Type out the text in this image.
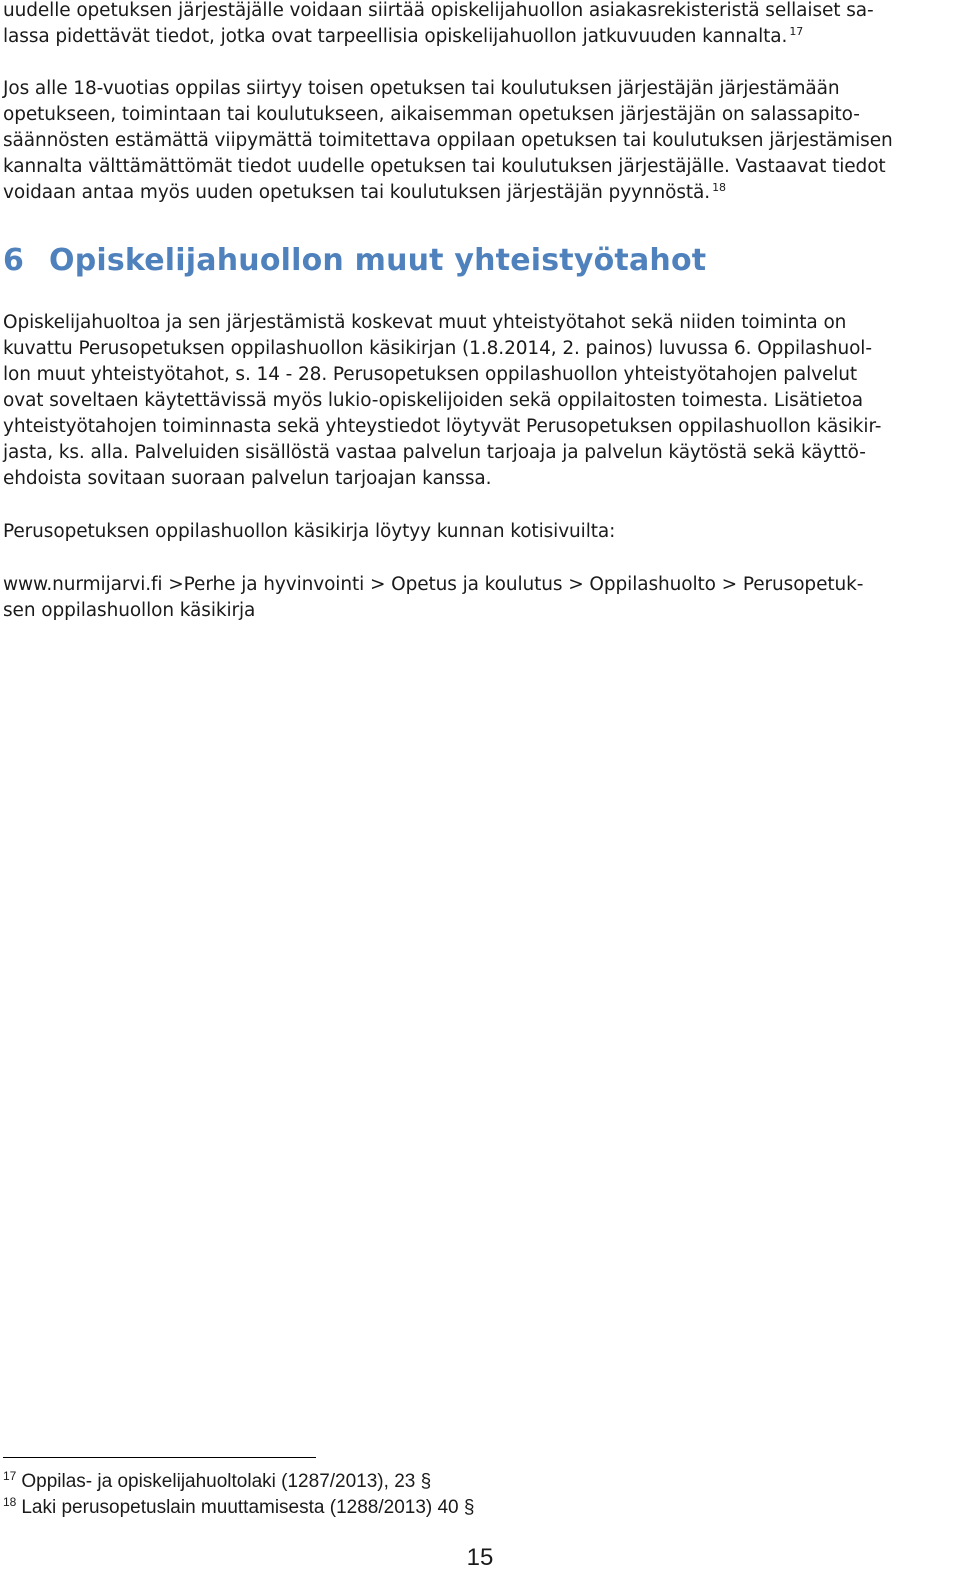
uudelle opetuksen järjestäjälle voidaan siirtää opiskelijahuollon asiakasrekisteristä sellaiset sa-
lassa pidettävät tiedot, jotka ovat tarpeellisia opiskelijahuollon jatkuvuuden kannalta. $^{17}$

Jos alle 18-vuotias oppilas siirtyy toisen opetuksen tai koulutuksen järjestäjän järjestämään
opetukseen, toimintaan tai koulutukseen, aikaisemman opetuksen järjestäjän on salassapito-
säännösten estämättä viipymättä toimitettava oppilaan opetuksen tai koulutuksen järjestämisen
kannalta välttämättömät tiedot uudelle opetuksen tai koulutuksen järjestäjälle. Vastaavat tiedot
voidaan antaa myös uuden opetuksen tai koulutuksen järjestäjän pyynnöstä. $^{18}$

6 Opiskelijahuollon muut yhteistyötahot

Opiskelijahuoltoa ja sen järjestämistä koskevat muut yhteistyötahot sekä niiden toiminta on
kuvattu Perusopetuksen oppilashuollon käsikirjan (1.8.2014, 2. painos) luvussa 6. Oppilashuol-
lon muut yhteistyötahot, s. 14 - 28. Perusopetuksen oppilashuollon yhteistyötahojen palvelut
ovat soveltaen käytettävissä myös lukio-opiskelijoiden sekä oppilaitosten toimesta. Lisätietoa
yhteistyötahojen toiminnasta sekä yhteystiedot löytyvät Perusopetuksen oppilashuollon käsikir-
jasta, ks. alla. Palveluiden sisällöstä vastaa palvelun tarjoaja ja palvelun käytöstä sekä käyttö-
ehdoista sovitaan suoraan palvelun tarjoajan kanssa.

Perusopetuksen oppilashuollon käsikirja löytyy kunnan kotisivuilta:

www.nurmijarvi.fi >Perhe ja hyvinvointi > Opetus ja koulutus > Oppilashuolto > Perusopetuk-
sen oppilashuollon käsikirja

$^{17}$ Oppilas- ja opiskelijahuoltolaki (1287/2013), 23 §
$^{18}$ Laki perusopetuslain muuttamisesta (1288/2013) 40 §
15
